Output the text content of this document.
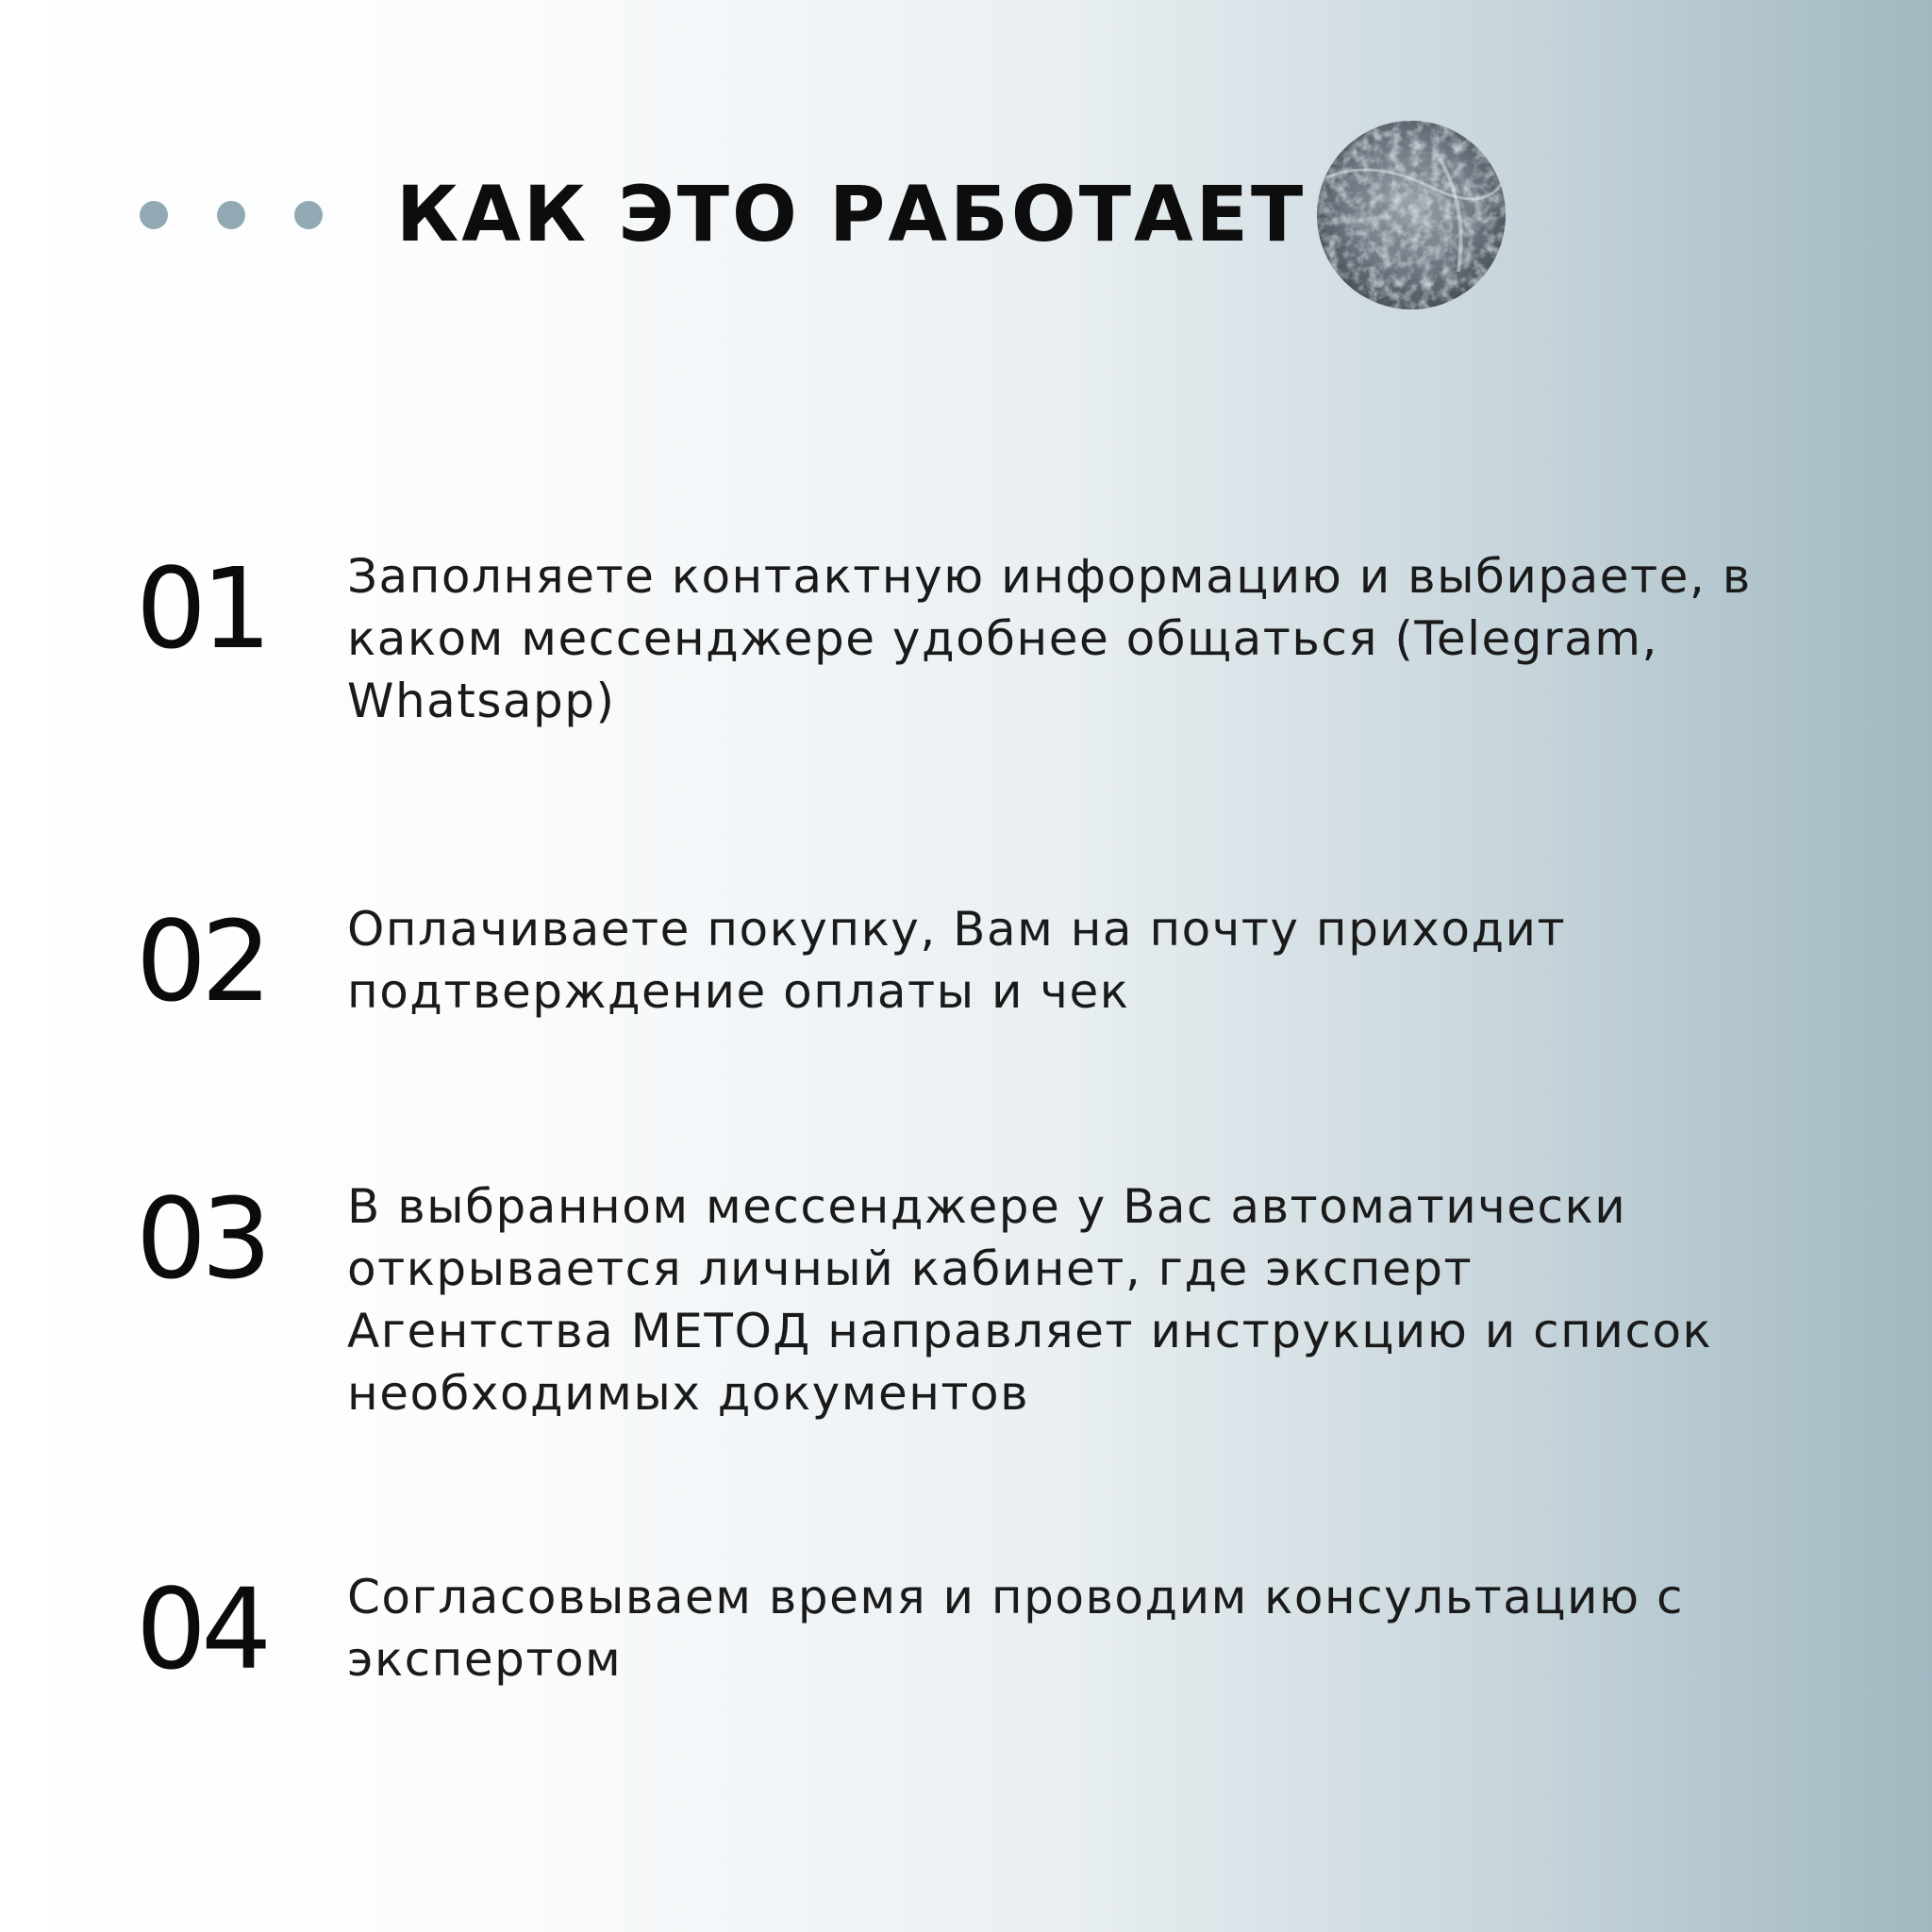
КАК ЭТО РАБОТАЕТ
01	Заполняете контактную информацию и выбираете, в каком мессенджере удобнее общаться (Telegram, Whatsapp)
02	Оплачиваете покупку, Вам на почту приходит подтверждение оплаты и чек
03	В выбранном мессенджере у Вас автоматически открывается личный кабинет, где эксперт Агентства МЕТОД направляет инструкцию и список необходимых документов
04	Согласовываем время и проводим консультацию с экспертом
